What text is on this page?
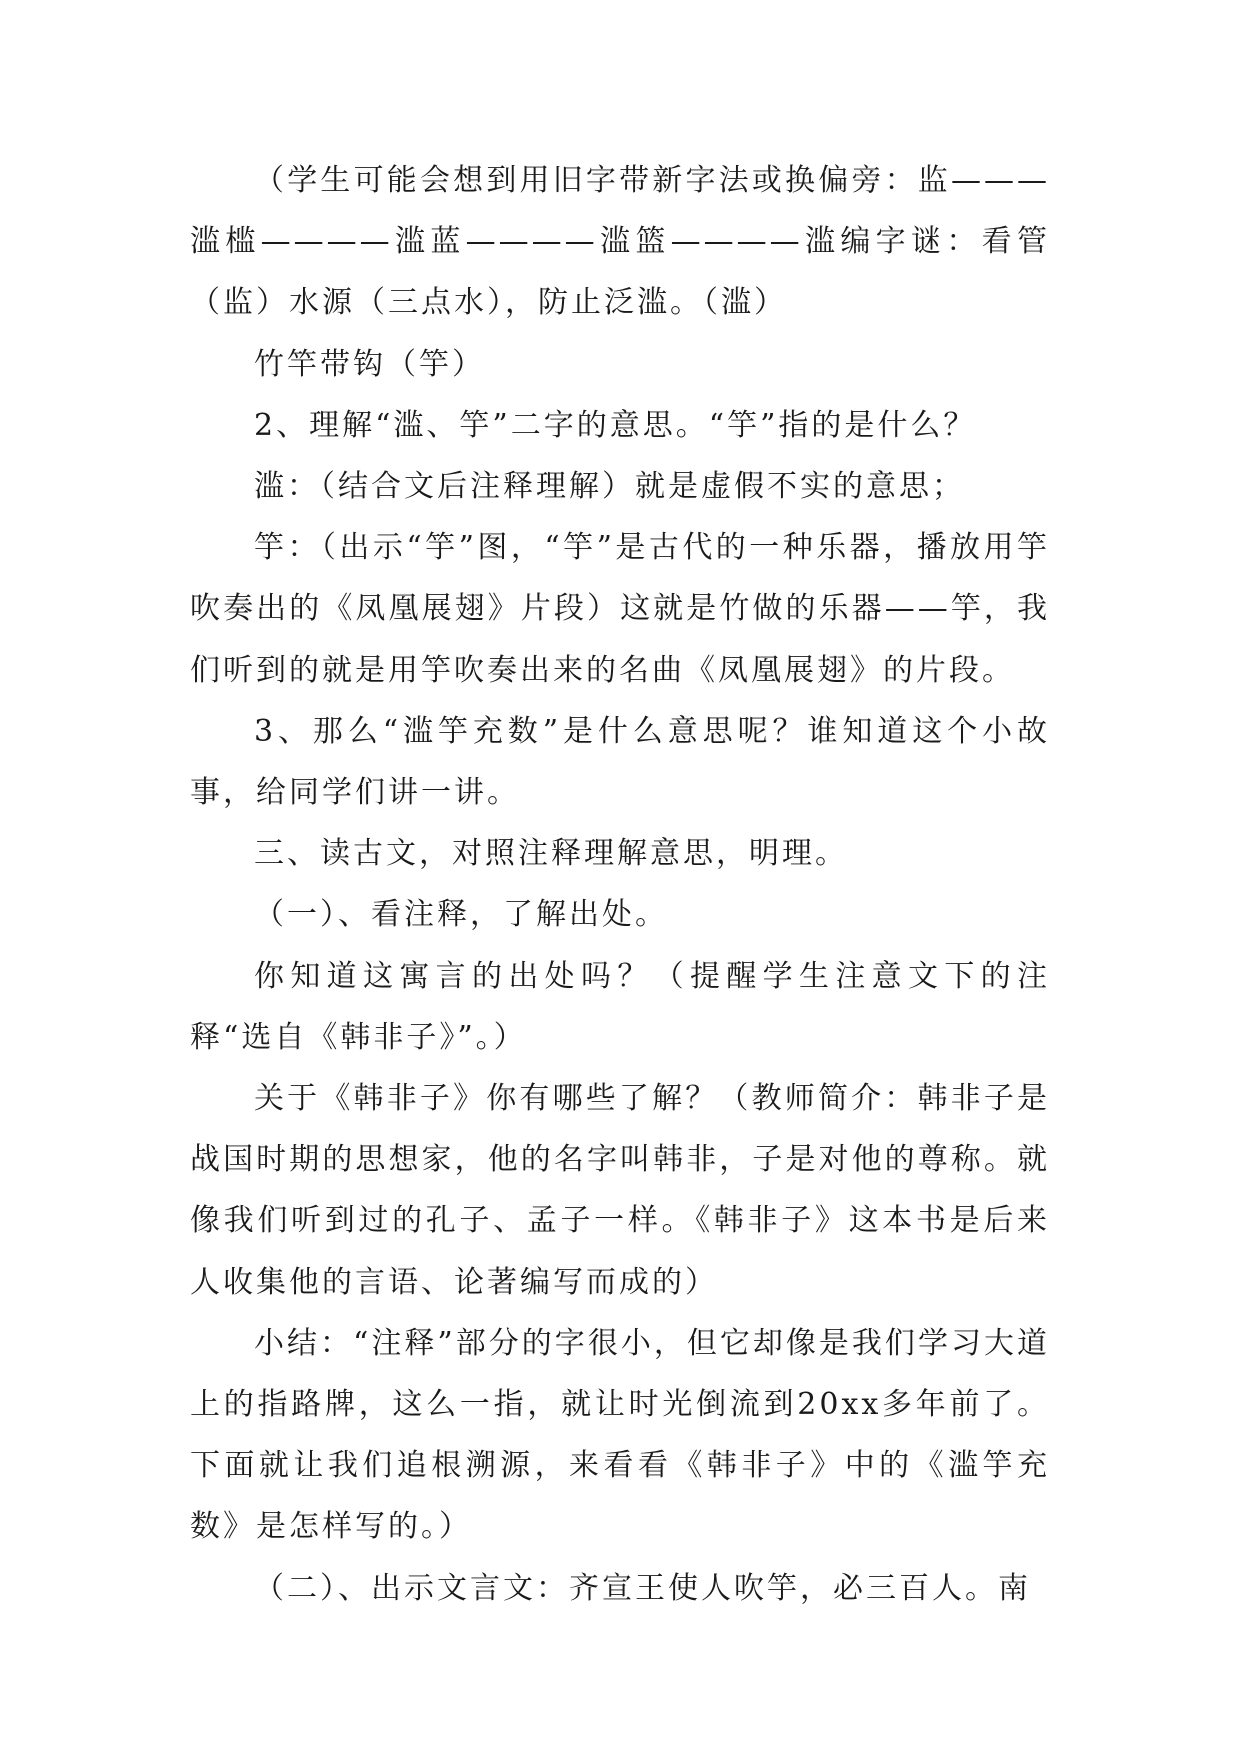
（学生可能会想到用旧字带新字法或换偏旁：监———滥槛————滥蓝————滥篮————滥编字谜：看管（监）水源（三点水），防止泛滥。（滥）

竹竿带钩（竽）

2、理解“滥、竽”二字的意思。“竽”指的是什么？

滥：（结合文后注释理解）就是虚假不实的意思；

竽：（出示“竽”图，“竽”是古代的一种乐器，播放用竽吹奏出的《凤凰展翅》片段）这就是竹做的乐器——竽，我们听到的就是用竽吹奏出来的名曲《凤凰展翅》的片段。

3、那么“滥竽充数”是什么意思呢？谁知道这个小故事，给同学们讲一讲。

三、读古文，对照注释理解意思，明理。

（一）、看注释，了解出处。

你知道这寓言的出处吗？（提醒学生注意文下的注释“选自《韩非子》”。）

关于《韩非子》你有哪些了解？（教师简介：韩非子是战国时期的思想家，他的名字叫韩非，子是对他的尊称。就像我们听到过的孔子、孟子一样。《韩非子》这本书是后来人收集他的言语、论著编写而成的）

小结：“注释”部分的字很小，但它却像是我们学习大道上的指路牌，这么一指，就让时光倒流到20xx多年前了。下面就让我们追根溯源，来看看《韩非子》中的《滥竽充数》是怎样写的。）

（二）、出示文言文：齐宣王使人吹竽，必三百人。南
